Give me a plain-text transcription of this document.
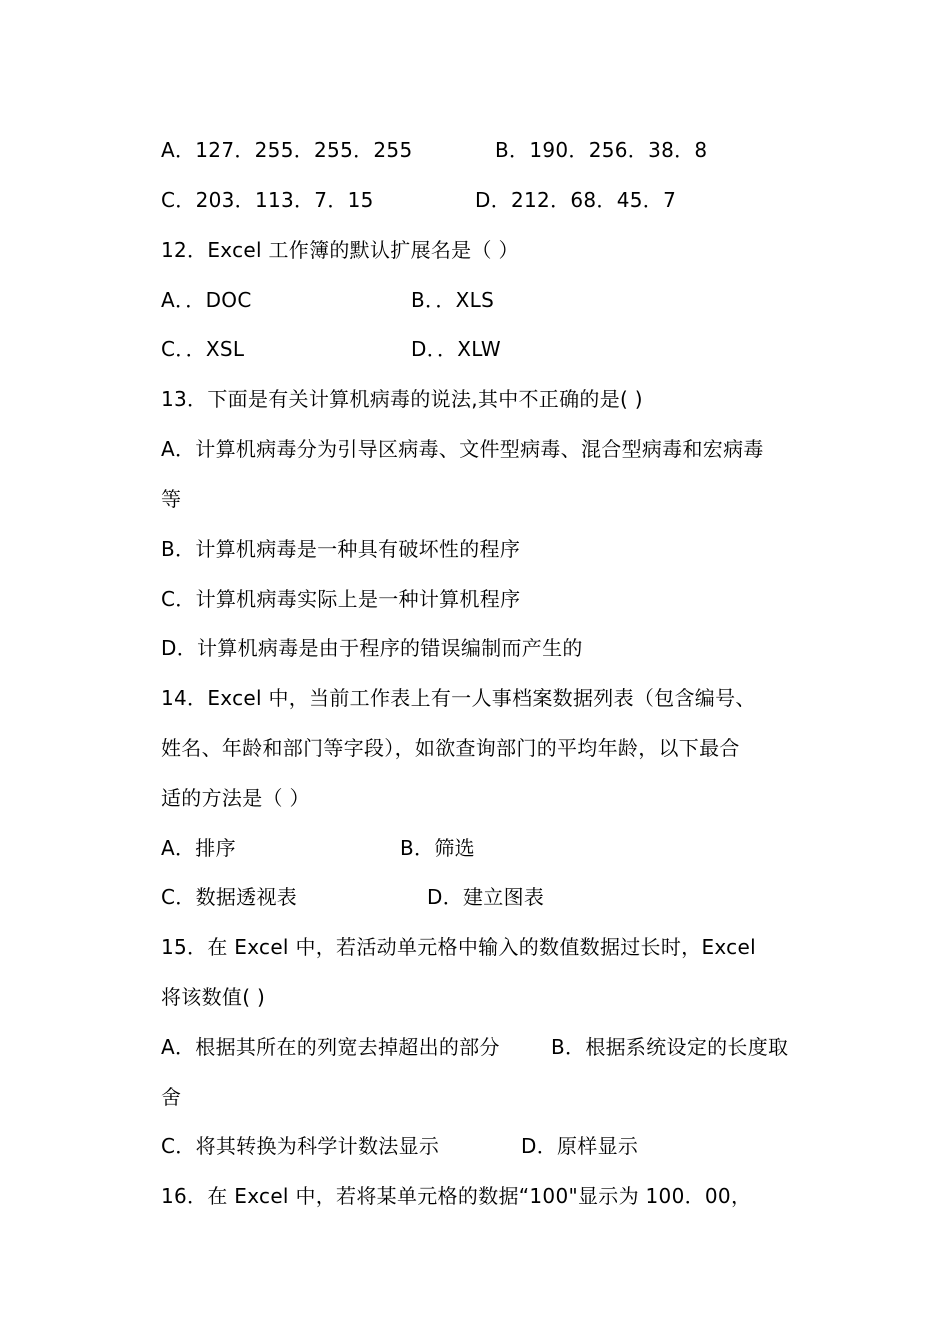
A．127．255．255．255	B．190．256．38．8
C．203．113．7．15	D．212．68．45．7
12．Excel 工作簿的默认扩展名是（ ）
A．．DOC	B．．XLS
C．．XSL	D．．XLW
13．下面是有关计算机病毒的说法,其中不正确的是( )
A．计算机病毒分为引导区病毒、文件型病毒、混合型病毒和宏病毒
等
B．计算机病毒是一种具有破坏性的程序
C．计算机病毒实际上是一种计算机程序
D．计算机病毒是由于程序的错误编制而产生的
14．Excel 中，当前工作表上有一人事档案数据列表（包含编号、
姓名、年龄和部门等字段），如欲查询部门的平均年龄，以下最合
适的方法是（ ）
A．排序	B．筛选
C．数据透视表	D．建立图表
15．在 Excel 中，若活动单元格中输入的数值数据过长时，Excel
将该数值( )
A．根据其所在的列宽去掉超出的部分	B．根据系统设定的长度取
舍
C．将其转换为科学计数法显示	D．原样显示
16．在 Excel 中，若将某单元格的数据“100"显示为 100．00，
